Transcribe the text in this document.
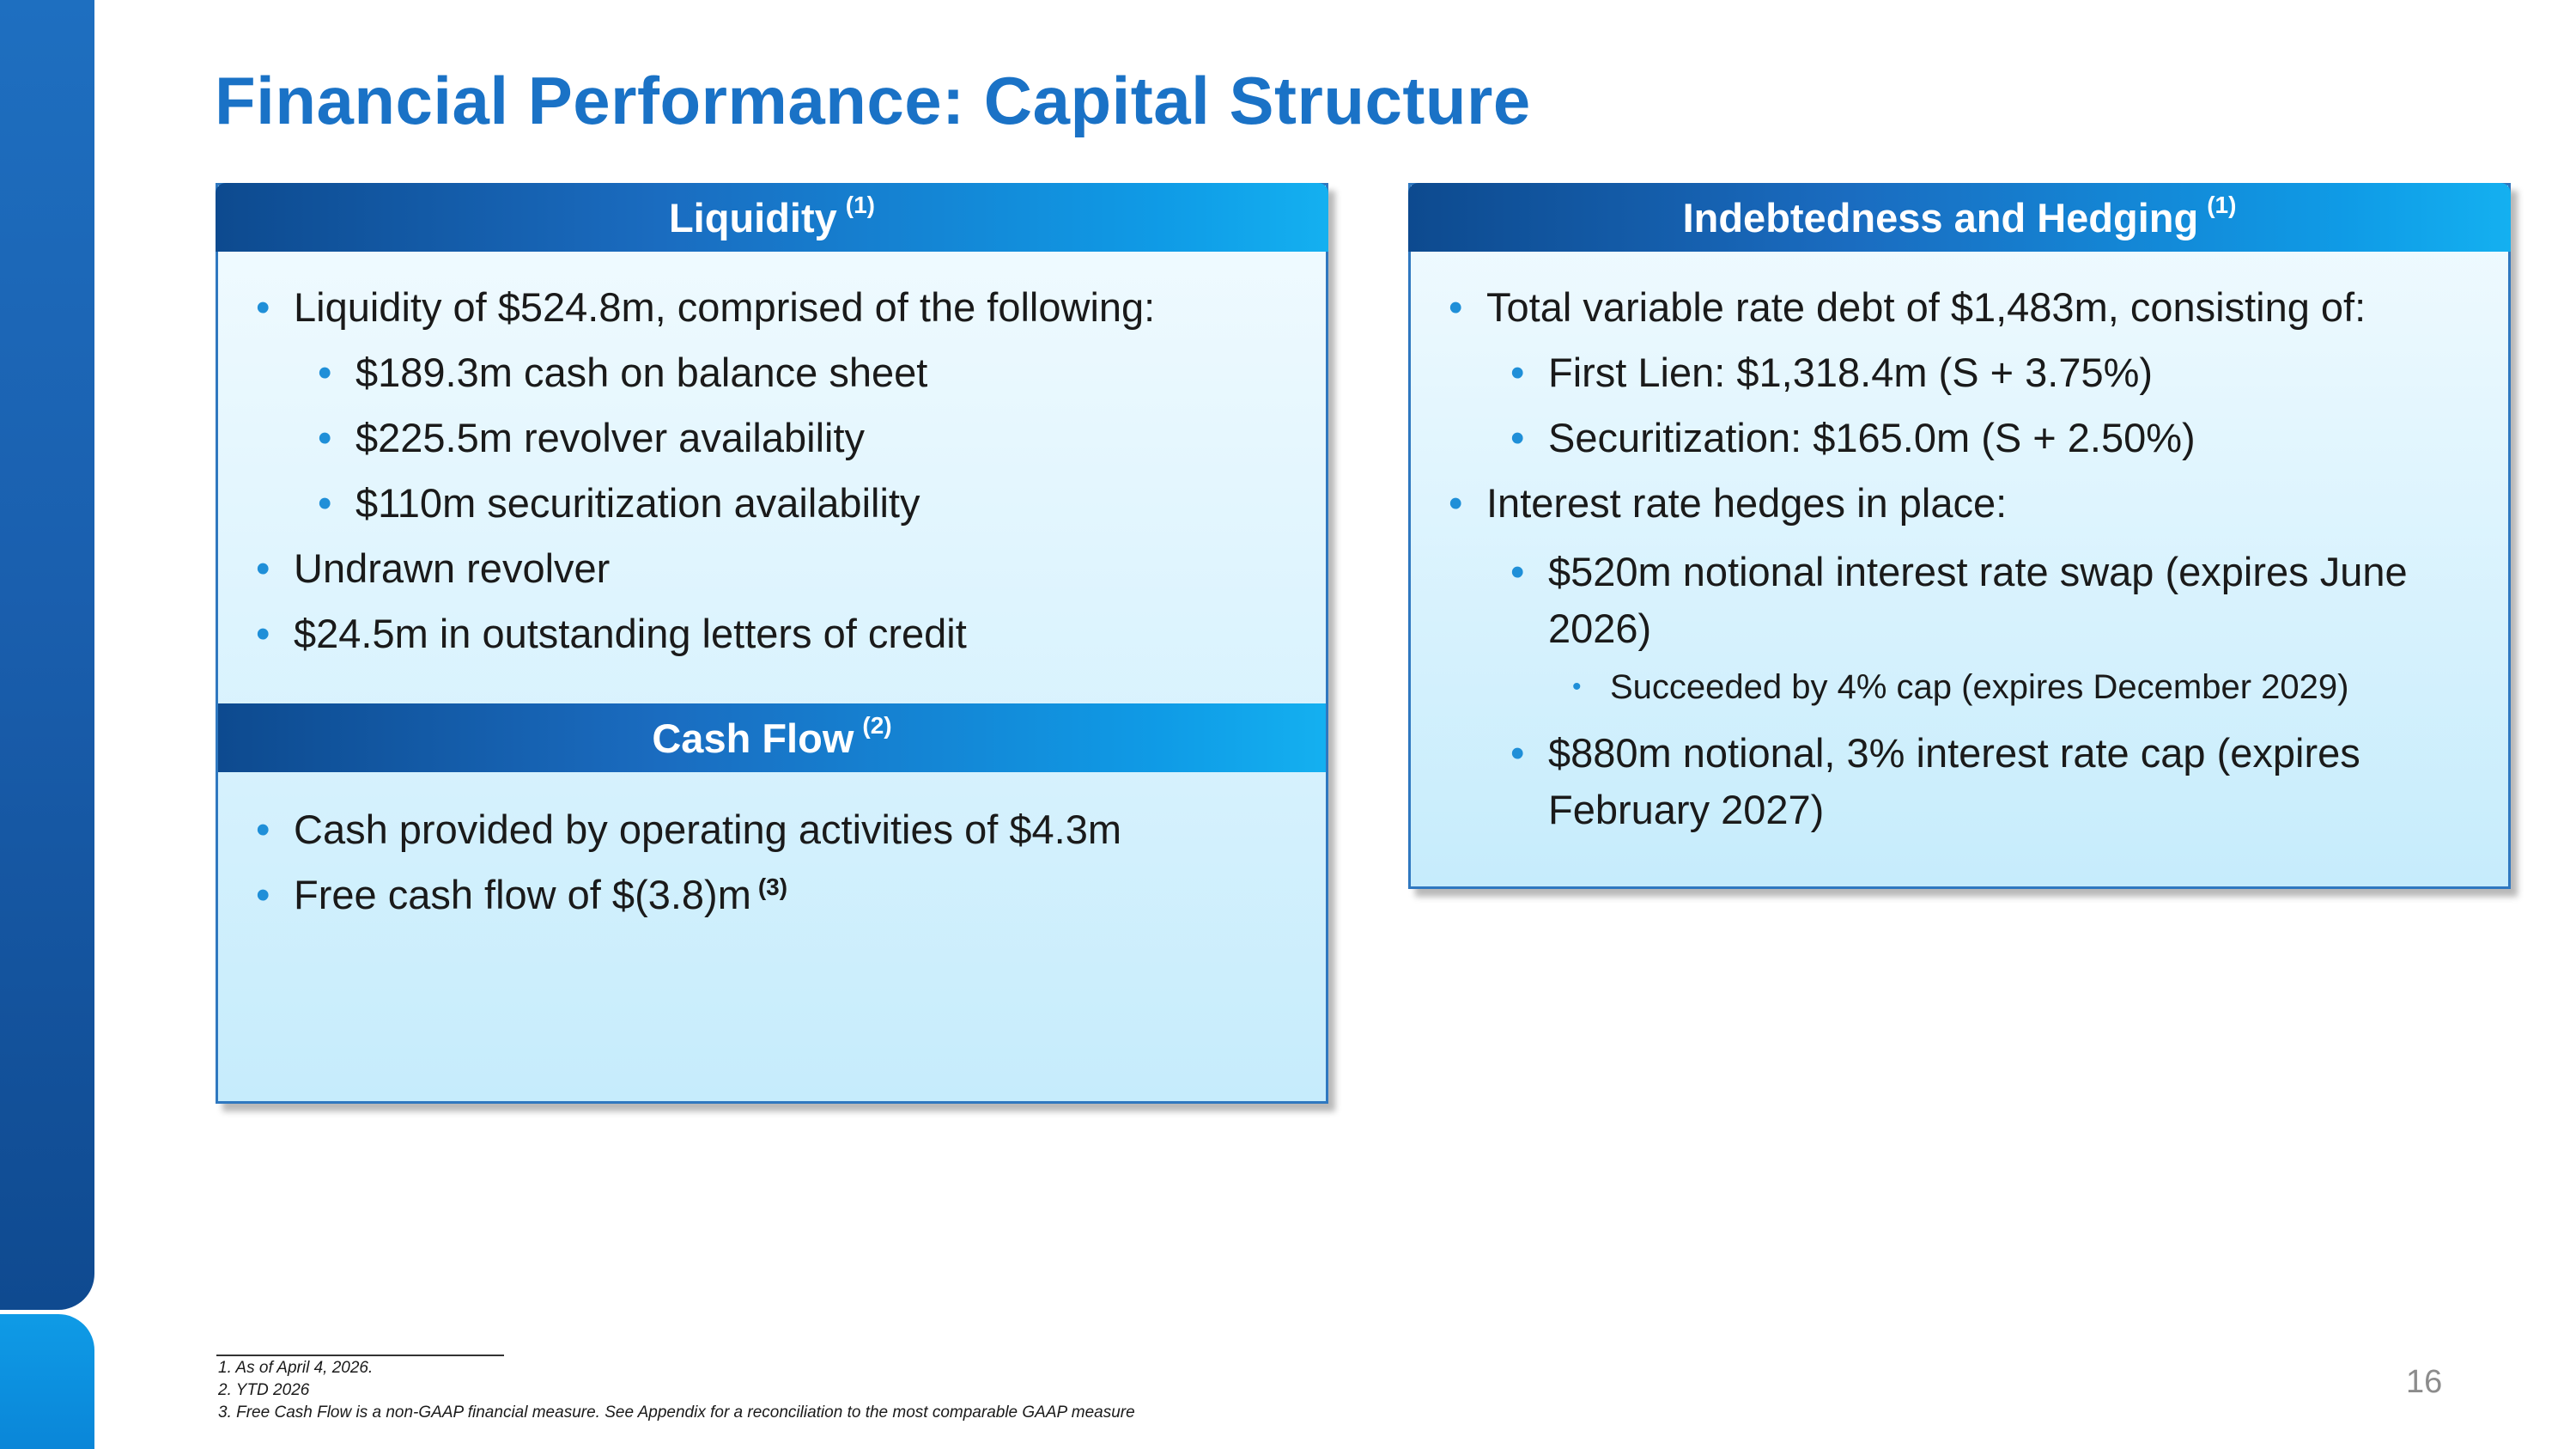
Financial Performance: Capital Structure
Liquidity $^{(1)}$
• Liquidity of $524.8m, comprised of the following:
• $189.3m cash on balance sheet
• $225.5m revolver availability
• $110m securitization availability
• Undrawn revolver
• $24.5m in outstanding letters of credit
Cash Flow $^{(2)}$
• Cash provided by operating activities of $4.3m
• Free cash flow of $(3.8)m $^{(3)}$
Indebtedness and Hedging $^{(1)}$
• Total variable rate debt of $1,483m, consisting of:
• First Lien: $1,318.4m (S + 3.75%)
• Securitization: $165.0m (S + 2.50%)
• Interest rate hedges in place:
• $520m notional interest rate swap (expires June 2026)
• Succeeded by 4% cap (expires December 2029)
• $880m notional, 3% interest rate cap (expires February 2027)
1. As of April 4, 2026.
2. YTD 2026
3. Free Cash Flow is a non-GAAP financial measure. See Appendix for a reconciliation to the most comparable GAAP measure
16
